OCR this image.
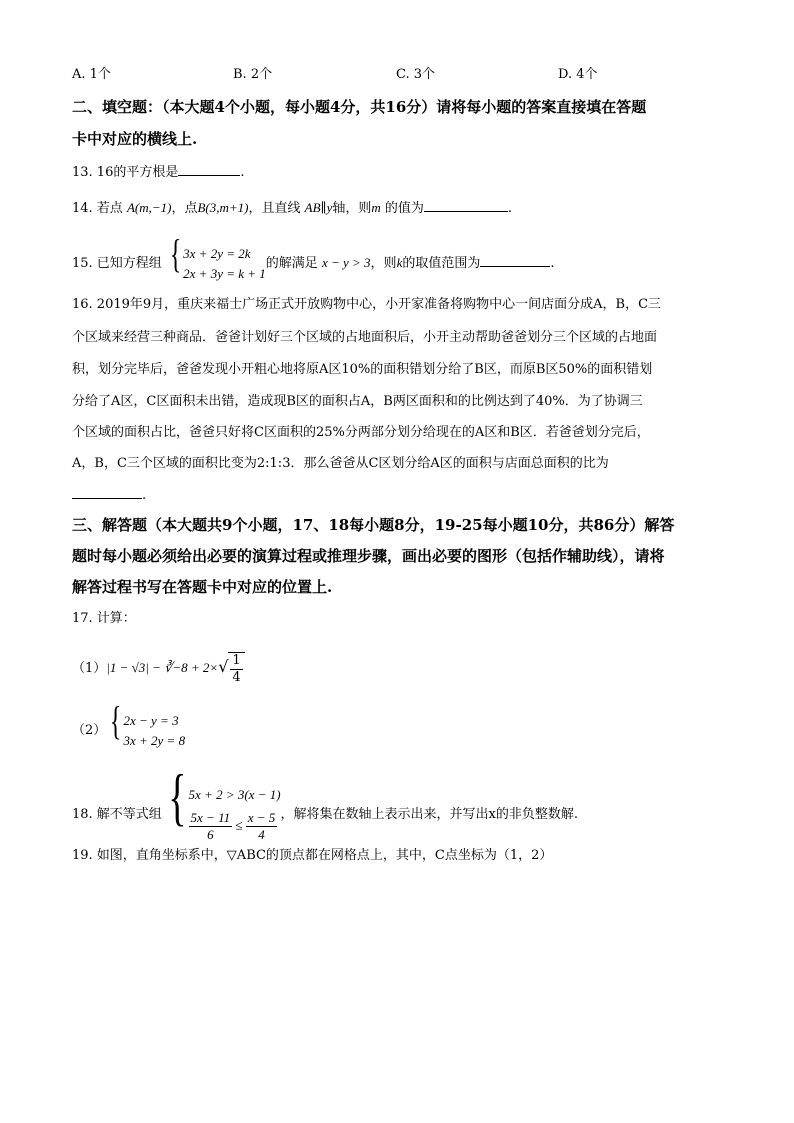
A. 1个	B. 2个	C. 3个	D. 4个
二、填空题：（本大题4个小题，每小题4分，共16分）请将每小题的答案直接填在答题
卡中对应的横线上.
13. 16的平方根是	.
14. 若点 A(m,−1)，点B(3,m+1)，且直线 AB∥y轴，则m 的值为	.
15. 已知方程组 { 3x + 2y = 2k
2x + 3y = k + 1
的解满足 x − y > 3，则k的取值范围为	.
16. 2019年9月，重庆来福士广场正式开放购物中心，小开家准备将购物中心一间店面分成A，B，C三
个区域来经营三种商品．爸爸计划好三个区域的占地面积后，小开主动帮助爸爸划分三个区域的占地面
积，划分完毕后，爸爸发现小开粗心地将原A区10%的面积错划分给了B区，而原B区50%的面积错划
分给了A区，C区面积未出错，造成现B区的面积占A，B两区面积和的比例达到了40%．为了协调三
个区域的面积占比，爸爸只好将C区面积的25%分两部分划分给现在的A区和B区．若爸爸划分完后，
A，B，C三个区域的面积比变为2:1:3．那么爸爸从C区划分给A区的面积与店面总面积的比为
.
三、解答题（本大题共9个小题，17、18每小题8分，19-25每小题10分，共86分）解答
题时每小题必须给出必要的演算过程或推理步骤，画出必要的图形（包括作辅助线），请将
解答过程书写在答题卡中对应的位置上.
17. 计算：
（1）|1 − √3| − ∛−8 + $2\times√ \frac{1}{4}$
（2）{ 2x − y = 3
3x + 2y = 8
18. 解不等式组{ 5x + 2 > 3(x − 1)
$\frac{5x - 11}{6} \le \frac{x - 5}{4}$ ，解将集在数轴上表示出来，并写出x的非负整数解.
19. 如图，直角坐标系中，▽ABC的顶点都在网格点上，其中，C点坐标为（1，2）
